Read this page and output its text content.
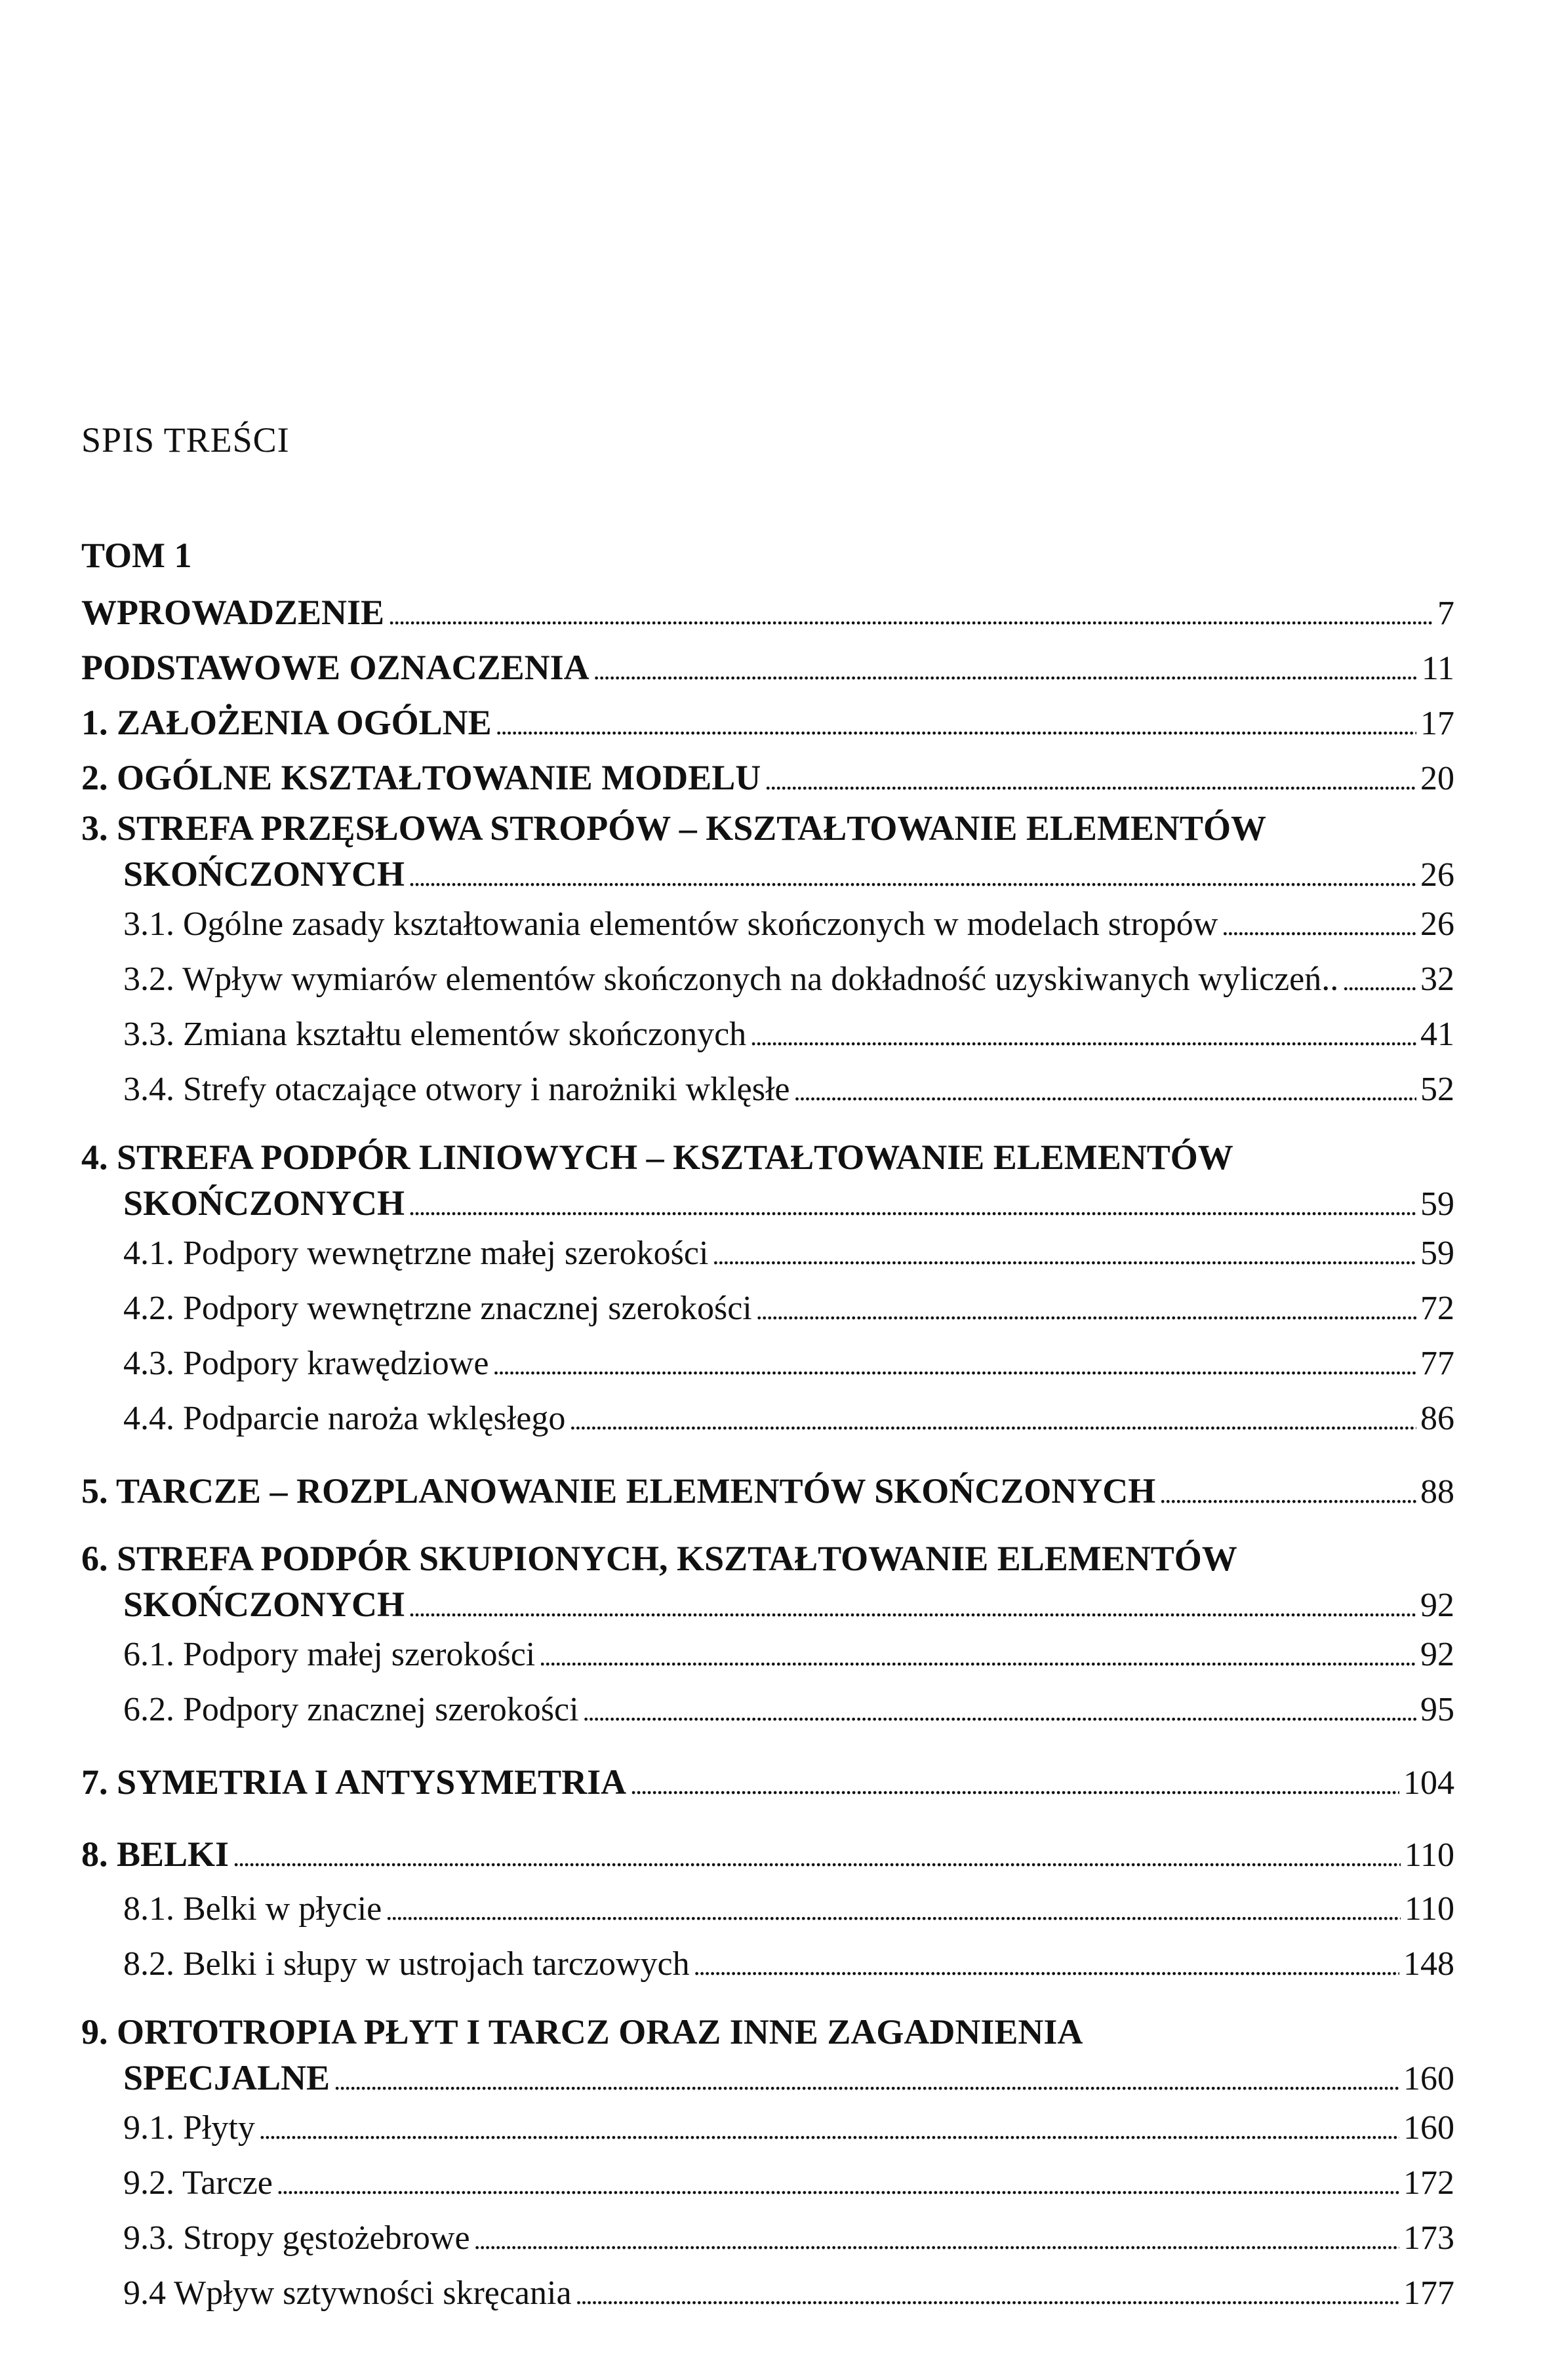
SPIS TREŚCI
TOM 1
WPROWADZENIE . . .	7
PODSTAWOWE OZNACZENIA . . .	11
1. ZAŁOŻENIA OGÓLNE . . .	17
2. OGÓLNE KSZTAŁTOWANIE MODELU . . .	20
3. STREFA PRZĘSŁOWA STROPÓW – KSZTAŁTOWANIE ELEMENTÓW
SKOŃCZONYCH . . .	26
3.1. Ogólne zasady kształtowania elementów skończonych w modelach stropów . . .	26
3.2. Wpływ wymiarów elementów skończonych na dokładność uzyskiwanych wyliczeń.. . . . 32
3.3. Zmiana kształtu elementów skończonych . . .	41
3.4. Strefy otaczające otwory i narożniki wklęsłe . . .	52
4. STREFA PODPÓR LINIOWYCH – KSZTAŁTOWANIE ELEMENTÓW
SKOŃCZONYCH . . .	59
4.1. Podpory wewnętrzne małej szerokości . . .	59
4.2. Podpory wewnętrzne znacznej szerokości . . .	72
4.3. Podpory krawędziowe . . .	77
4.4. Podparcie naroża wklęsłego . . .	86
5. TARCZE – ROZPLANOWANIE ELEMENTÓW SKOŃCZONYCH . . .	88
6. STREFA PODPÓR SKUPIONYCH, KSZTAŁTOWANIE ELEMENTÓW
SKOŃCZONYCH . . .	92
6.1. Podpory małej szerokości . . .	92
6.2. Podpory znacznej szerokości . . .	95
7. SYMETRIA I ANTYSYMETRIA . . .	104
8. BELKI . . .	110
8.1. Belki w płycie . . .	110
8.2. Belki i słupy w ustrojach tarczowych . . .	148
9. ORTOTROPIA PŁYT I TARCZ ORAZ INNE ZAGADNIENIA
SPECJALNE . . .	160
9.1. Płyty . . .	160
9.2. Tarcze . . .	172
9.3. Stropy gęstożebrowe . . .	173
9.4 Wpływ sztywności skręcania . . .	177
